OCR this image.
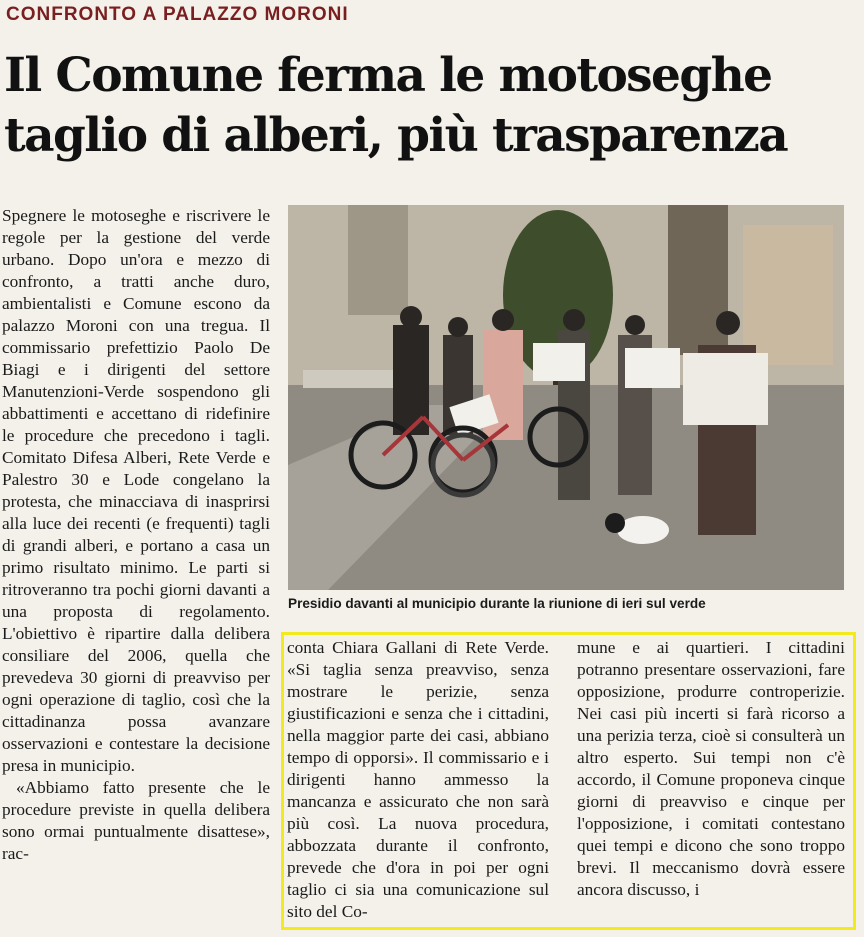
CONFRONTO A PALAZZO MORONI
Il Comune ferma le motoseghe
taglio di alberi, più trasparenza

Spegnere le motoseghe e riscrivere le regole per la gestione del verde urbano. Dopo un'ora e mezzo di confronto, a tratti anche duro, ambientalisti e Comune escono da palazzo Moroni con una tregua. Il commissario prefettizio Paolo De Biagi e i dirigenti del settore Manutenzioni-Verde sospendono gli abbattimenti e accettano di ridefinire le procedure che precedono i tagli. Comitato Difesa Alberi, Rete Verde e Palestro 30 e Lode congelano la protesta, che minacciava di inasprirsi alla luce dei recenti (e frequenti) tagli di grandi alberi, e portano a casa un primo risultato minimo. Le parti si ritroveranno tra pochi giorni davanti a una proposta di regolamento. L'obiettivo è ripartire dalla delibera consiliare del 2006, quella che prevedeva 30 giorni di preavviso per ogni operazione di taglio, così che la cittadinanza possa avanzare osservazioni e contestare la decisione presa in municipio.

«Abbiamo fatto presente che le procedure previste in quella delibera sono ormai puntualmente disattese», rac-

Presidio davanti al municipio durante la riunione di ieri sul verde

conta Chiara Gallani di Rete Verde. «Si taglia senza preavviso, senza mostrare le perizie, senza giustificazioni e senza che i cittadini, nella maggior parte dei casi, abbiano tempo di opporsi». Il commissario e i dirigenti hanno ammesso la mancanza e assicurato che non sarà più così. La nuova procedura, abbozzata durante il confronto, prevede che d'ora in poi per ogni taglio ci sia una comunicazione sul sito del Co-

mune e ai quartieri. I cittadini potranno presentare osservazioni, fare opposizione, produrre controperizie. Nei casi più incerti si farà ricorso a una perizia terza, cioè si consulterà un altro esperto. Sui tempi non c'è accordo, il Comune proponeva cinque giorni di preavviso e cinque per l'opposizione, i comitati contestano quei tempi e dicono che sono troppo brevi. Il meccanismo dovrà essere ancora discusso, i
